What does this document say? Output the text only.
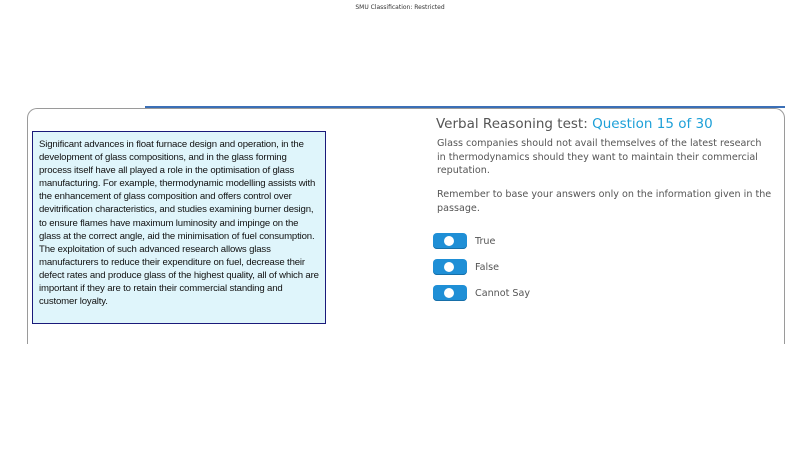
SMU Classification: Restricted
Significant advances in float furnace design and operation, in the development of glass compositions, and in the glass forming process itself have all played a role in the optimisation of glass manufacturing. For example, thermodynamic modelling assists with the enhancement of glass composition and offers control over devitrification characteristics, and studies examining burner design, to ensure flames have maximum luminosity and impinge on the glass at the correct angle, aid the minimisation of fuel consumption. The exploitation of such advanced research allows glass manufacturers to reduce their expenditure on fuel, decrease their defect rates and produce glass of the highest quality, all of which are important if they are to retain their commercial standing and customer loyalty.
Verbal Reasoning test: Question 15 of 30
Glass companies should not avail themselves of the latest research in thermodynamics should they want to maintain their commercial reputation.
Remember to base your answers only on the information given in the passage.
True
False
Cannot Say
